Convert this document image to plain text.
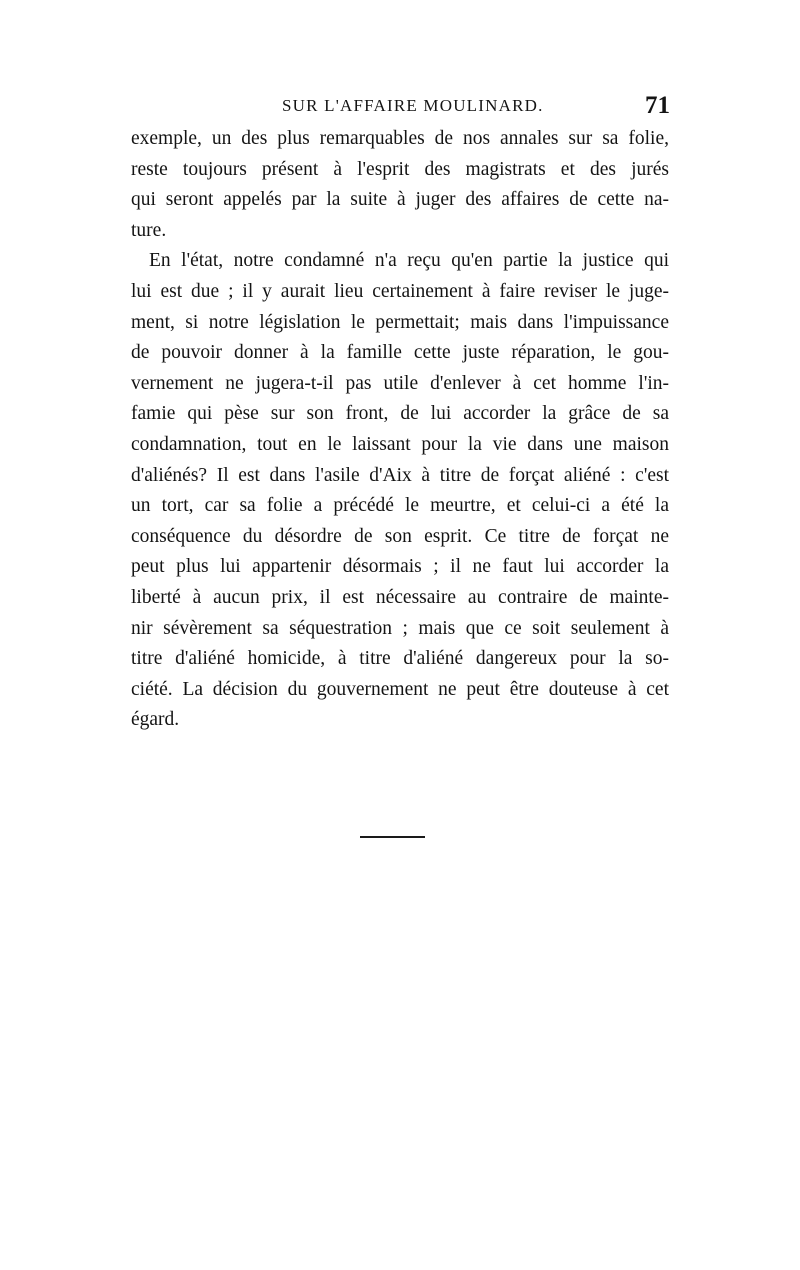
SUR L'AFFAIRE MOULINARD.	71
exemple, un des plus remarquables de nos annales sur sa folie,
reste toujours présent à l'esprit des magistrats et des jurés
qui seront appelés par la suite à juger des affaires de cette na-
ture.
En l'état, notre condamné n'a reçu qu'en partie la justice qui
lui est due ; il y aurait lieu certainement à faire reviser le juge-
ment, si notre législation le permettait; mais dans l'impuissance
de pouvoir donner à la famille cette juste réparation, le gou-
vernement ne jugera-t-il pas utile d'enlever à cet homme l'in-
famie qui pèse sur son front, de lui accorder la grâce de sa
condamnation, tout en le laissant pour la vie dans une maison
d'aliénés? Il est dans l'asile d'Aix à titre de forçat aliéné : c'est
un tort, car sa folie a précédé le meurtre, et celui-ci a été la
conséquence du désordre de son esprit. Ce titre de forçat ne
peut plus lui appartenir désormais ; il ne faut lui accorder la
liberté à aucun prix, il est nécessaire au contraire de mainte-
nir sévèrement sa séquestration ; mais que ce soit seulement à
titre d'aliéné homicide, à titre d'aliéné dangereux pour la so-
ciété. La décision du gouvernement ne peut être douteuse à cet
égard.
